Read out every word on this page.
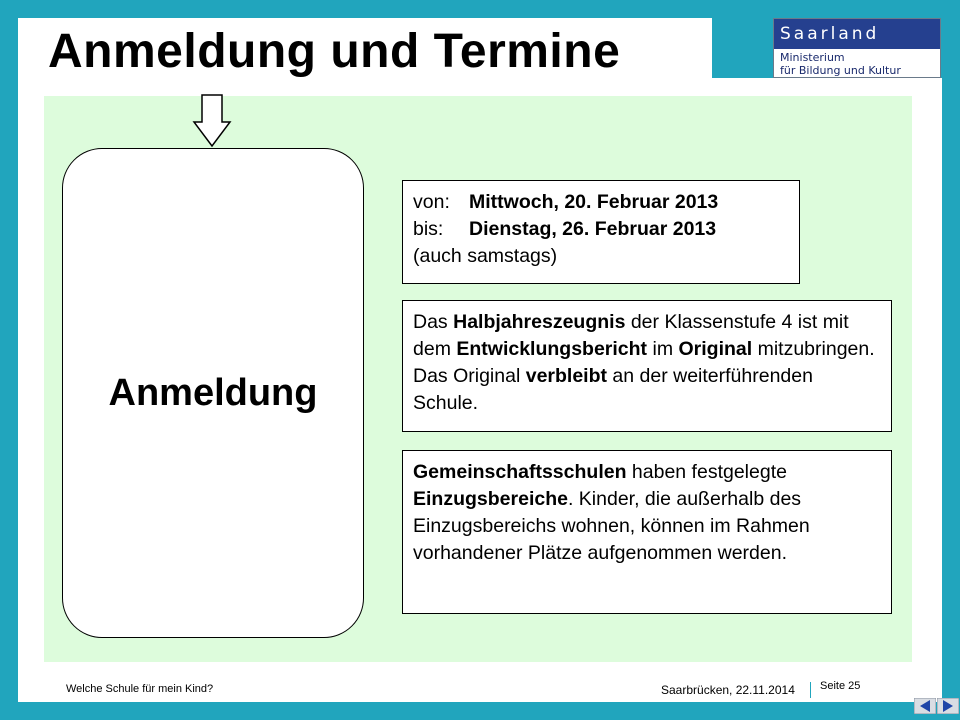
Anmeldung und Termine	Saarland
Ministerium
für Bildung und Kultur
Anmeldung
von: Mittwoch, 20. Februar 2013
bis: Dienstag, 26. Februar 2013
(auch samstags)
Das Halbjahreszeugnis der Klassenstufe 4 ist mit dem Entwicklungsbericht im Original mitzubringen. Das Original verbleibt an der weiterführenden Schule.
Gemeinschaftsschulen haben festgelegte Einzugsbereiche. Kinder, die außerhalb des Einzugsbereichs wohnen, können im Rahmen vorhandener Plätze aufgenommen werden.
Welche Schule für mein Kind?	Saarbrücken, 22.11.2014 Seite 25
